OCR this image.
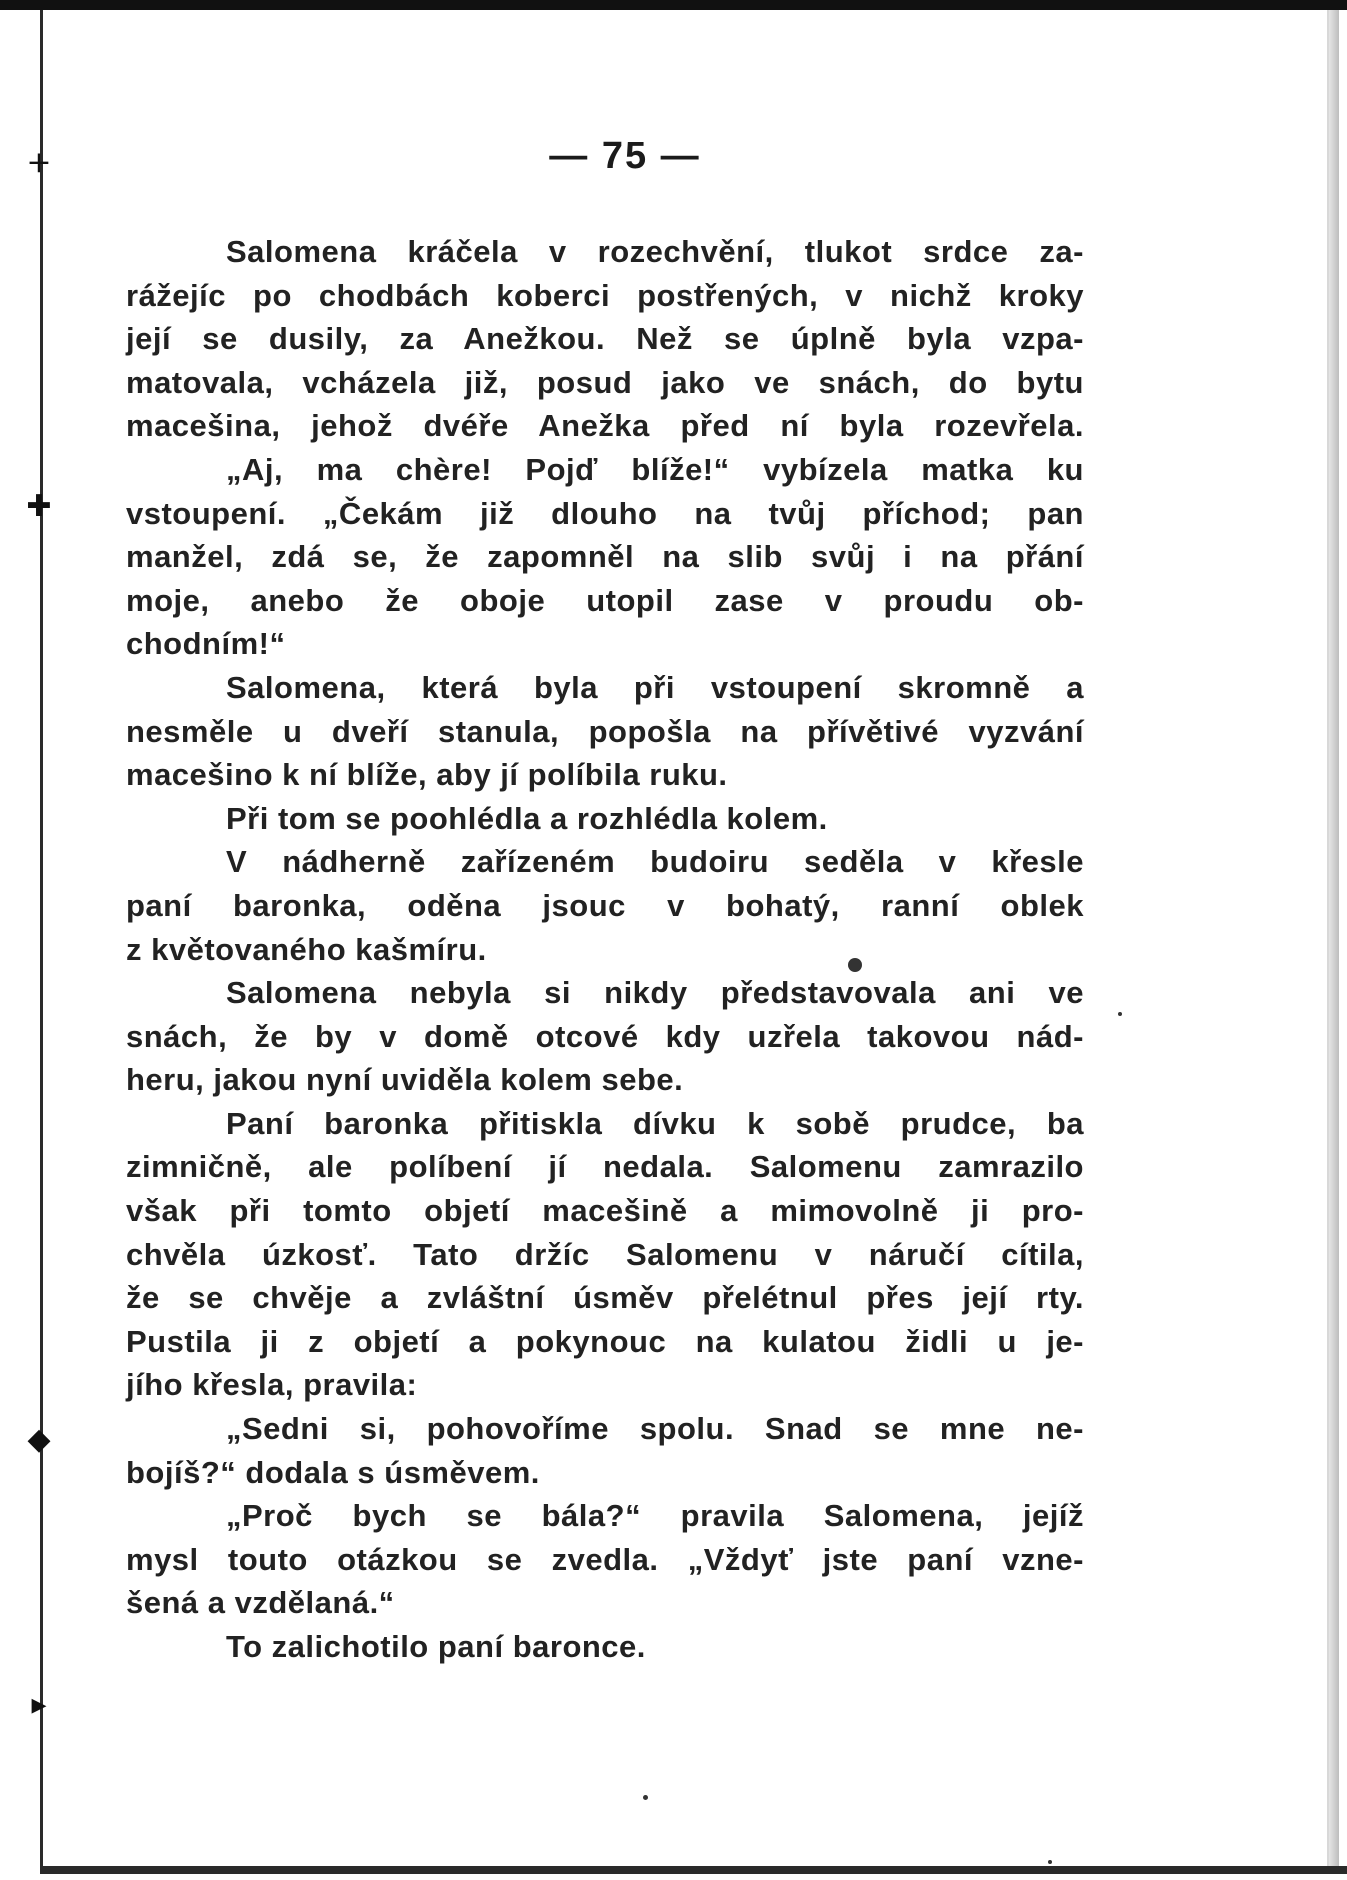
+
✚
◆
▸
— 75 —
Salomena kráčela v rozechvění, tlukot srdce za-
rážejíc po chodbách koberci postřených, v nichž kroky
její se dusily, za Anežkou. Než se úplně byla vzpa-
matovala, vcházela již, posud jako ve snách, do bytu
macešina, jehož dvéře Anežka před ní byla rozevřela.
„Aj, ma chère! Pojď blíže!“ vybízela matka ku
vstoupení. „Čekám již dlouho na tvůj příchod; pan
manžel, zdá se, že zapomněl na slib svůj i na přání
moje, anebo že oboje utopil zase v proudu ob-
chodním!“
Salomena, která byla při vstoupení skromně a
nesměle u dveří stanula, popošla na přívětivé vyzvání
macešino k ní blíže, aby jí políbila ruku.
Při tom se poohlédla a rozhlédla kolem.
V nádherně zařízeném budoiru seděla v křesle
paní baronka, oděna jsouc v bohatý, ranní oblek
z květovaného kašmíru.
Salomena nebyla si nikdy představovala ani ve
snách, že by v domě otcové kdy uzřela takovou nád-
heru, jakou nyní uviděla kolem sebe.
Paní baronka přitiskla dívku k sobě prudce, ba
zimničně, ale políbení jí nedala. Salomenu zamrazilo
však při tomto objetí macešině a mimovolně ji pro-
chvěla úzkosť. Tato držíc Salomenu v náručí cítila,
že se chvěje a zvláštní úsměv přelétnul přes její rty.
Pustila ji z objetí a pokynouc na kulatou židli u je-
jího křesla, pravila:
„Sedni si, pohovoříme spolu. Snad se mne ne-
bojíš?“ dodala s úsměvem.
„Proč bych se bála?“ pravila Salomena, jejíž
mysl touto otázkou se zvedla. „Vždyť jste paní vzne-
šená a vzdělaná.“
To zalichotilo paní baronce.
